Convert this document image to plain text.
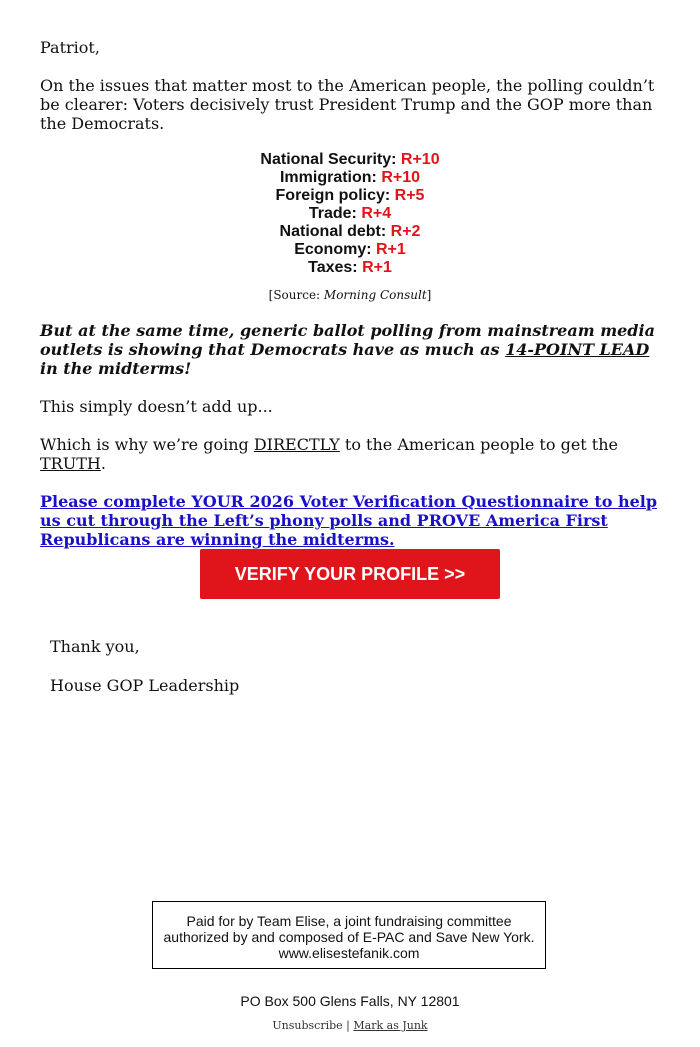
Patriot,

On the issues that matter most to the American people, the polling couldn’t be clearer: Voters decisively trust President Trump and the GOP more than the Democrats.

National Security: R+10
Immigration: R+10
Foreign policy: R+5
Trade: R+4
National debt: R+2
Economy: R+1
Taxes: R+1

[Source: Morning Consult]

But at the same time, generic ballot polling from mainstream media outlets is showing that Democrats have as much as 14-POINT LEAD in the midterms!

This simply doesn’t add up...

Which is why we’re going DIRECTLY to the American people to get the TRUTH.

Please complete YOUR 2026 Voter Verification Questionnaire to help us cut through the Left’s phony polls and PROVE America First Republicans are winning the midterms.

VERIFY YOUR PROFILE >>
Thank you,
House GOP Leadership
Paid for by Team Elise, a joint fundraising committee authorized by and composed of E-PAC and Save New York.
www.elisestefanik.com
PO Box 500 Glens Falls, NY 12801
Unsubscribe | Mark as Junk
